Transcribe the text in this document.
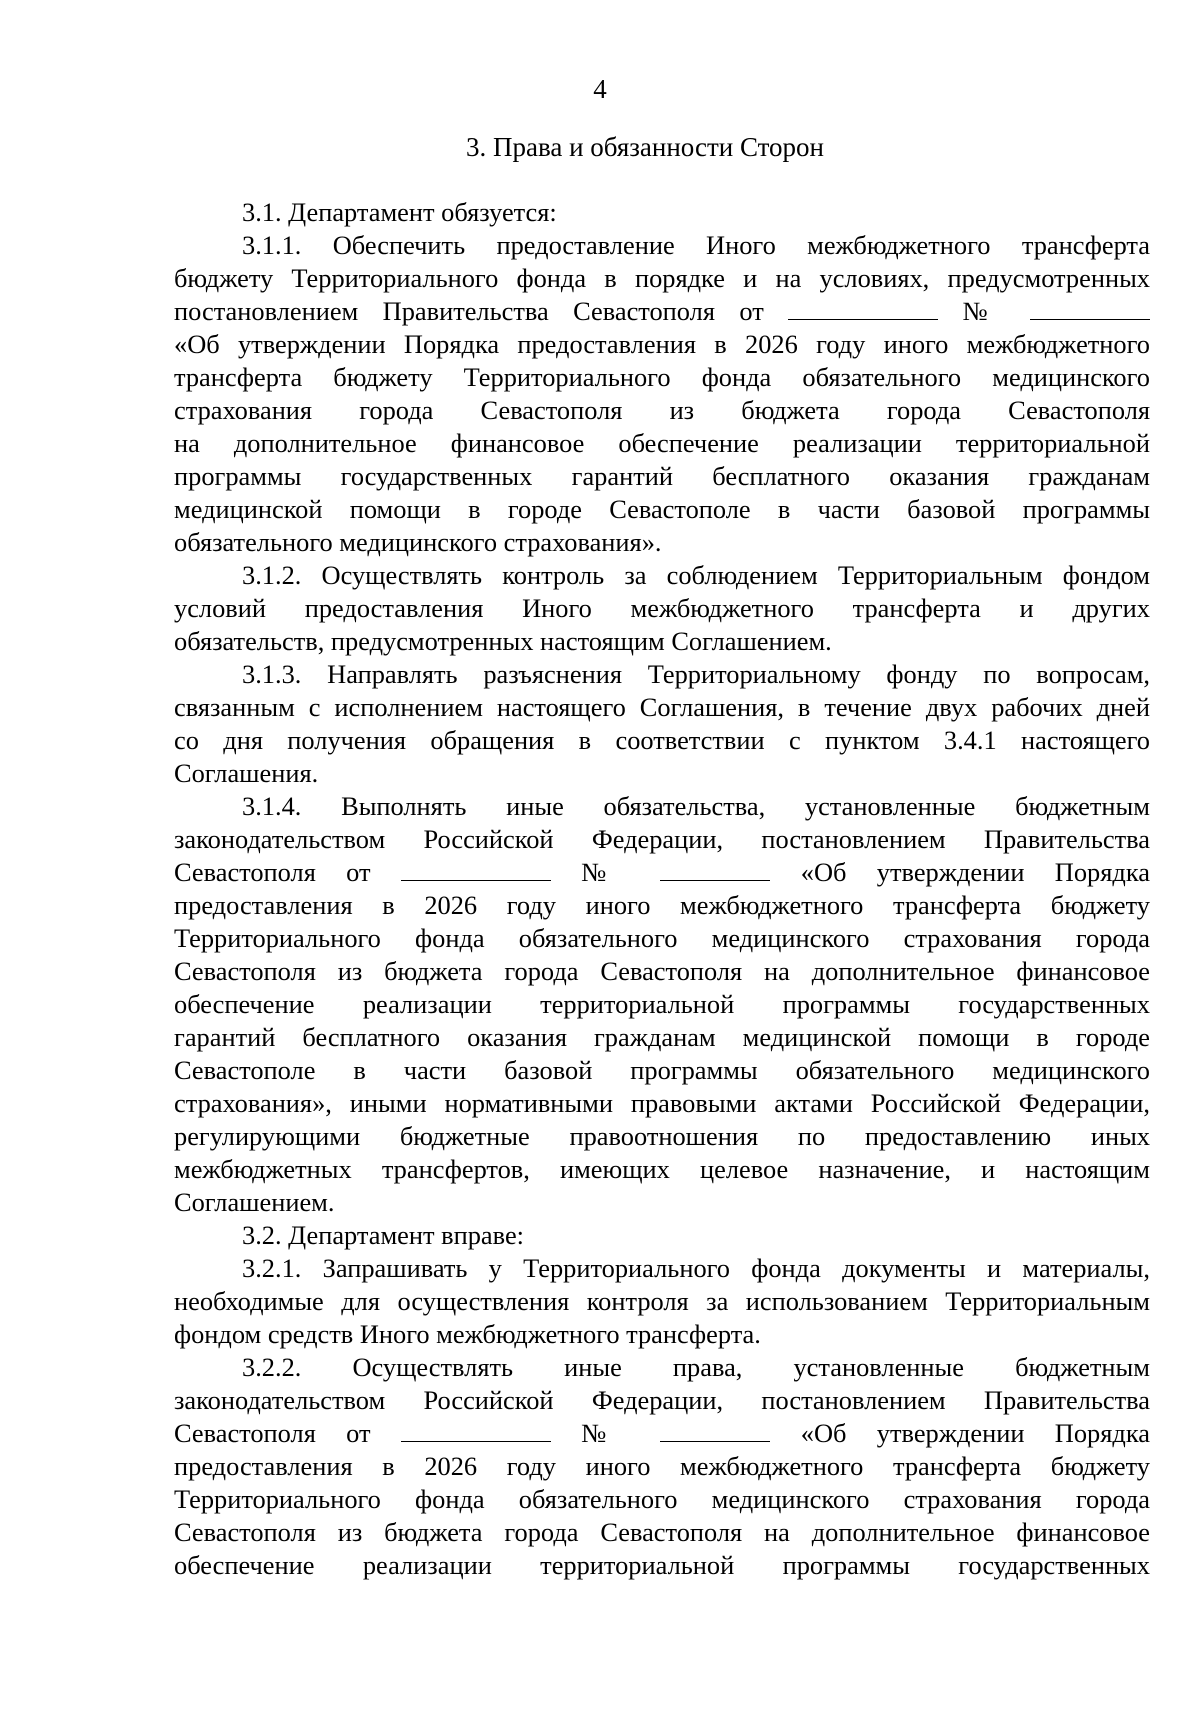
4
3. Права и обязанности Сторон
3.1. Департамент обязуется:
3.1.1. Обеспечить предоставление Иного межбюджетного трансферта
бюджету Территориального фонда в порядке и на условиях, предусмотренных
постановлением Правительства Севастополя от	№
«Об утверждении Порядка предоставления в 2026 году иного межбюджетного
трансферта бюджету Территориального фонда обязательного медицинского
страхования города Севастополя из бюджета города Севастополя
на дополнительное финансовое обеспечение реализации территориальной
программы государственных гарантий бесплатного оказания гражданам
медицинской помощи в городе Севастополе в части базовой программы
обязательного медицинского страхования».
3.1.2. Осуществлять контроль за соблюдением Территориальным фондом
условий предоставления Иного межбюджетного трансферта и других
обязательств, предусмотренных настоящим Соглашением.
3.1.3. Направлять разъяснения Территориальному фонду по вопросам,
связанным с исполнением настоящего Соглашения, в течение двух рабочих дней
со дня получения обращения в соответствии с пунктом 3.4.1 настоящего
Соглашения.
3.1.4. Выполнять иные обязательства, установленные бюджетным
законодательством Российской Федерации, постановлением Правительства
Севастополя от	№	«Об утверждении Порядка
предоставления в 2026 году иного межбюджетного трансферта бюджету
Территориального фонда обязательного медицинского страхования города
Севастополя из бюджета города Севастополя на дополнительное финансовое
обеспечение реализации территориальной программы государственных
гарантий бесплатного оказания гражданам медицинской помощи в городе
Севастополе в части базовой программы обязательного медицинского
страхования», иными нормативными правовыми актами Российской Федерации,
регулирующими бюджетные правоотношения по предоставлению иных
межбюджетных трансфертов, имеющих целевое назначение, и настоящим
Соглашением.
3.2. Департамент вправе:
3.2.1. Запрашивать у Территориального фонда документы и материалы,
необходимые для осуществления контроля за использованием Территориальным
фондом средств Иного межбюджетного трансферта.
3.2.2. Осуществлять иные права, установленные бюджетным
законодательством Российской Федерации, постановлением Правительства
Севастополя от	№	«Об утверждении Порядка
предоставления в 2026 году иного межбюджетного трансферта бюджету
Территориального фонда обязательного медицинского страхования города
Севастополя из бюджета города Севастополя на дополнительное финансовое
обеспечение реализации территориальной программы государственных
